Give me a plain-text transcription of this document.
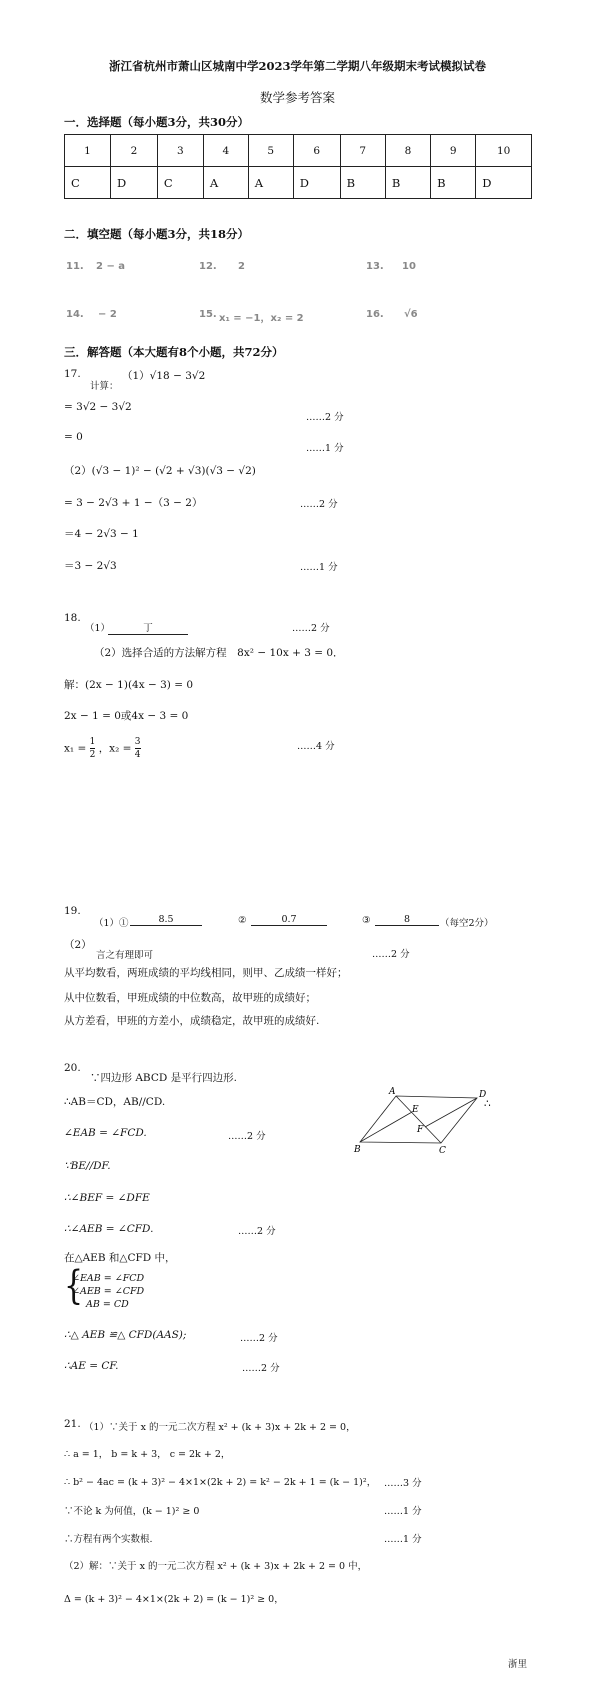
浙江省杭州市萧山区城南中学2023学年第二学期八年级期末考试模拟试卷
数学参考答案
一．选择题（每小题3分，共30分）
1	2	3	4	5	6	7	8	9	10
C	D	C	A	A	D	B	B	B	D
二．填空题（每小题3分，共18分）
11. 2 − a	12. 2	13. 10
14. − 2	15. x₁ = −1，x₂ = 2	16. √6
三．解答题（本大题有8个小题，共72分）
17.
计算：
（1）√18 − 3√2
= 3√2 − 3√2
……2 分
= 0
……1 分
（2）(√3 − 1)² − (√2 + √3)(√3 − √2)
= 3 − 2√3 + 1 −（3 − 2）	……2 分
＝4 − 2√3 − 1
＝3 − 2√3	……1 分
18.
（1）	丁	……2 分
（2）选择合适的方法解方程　8x² − 10x + 3 = 0．
解：(2x − 1)(4x − 3) = 0
2x − 1 = 0或4x − 3 = 0
$x_1 = \frac{1}{2}$ ，$x_2 = \frac{3}{4}$	……4 分
19.
（1）①	8.5	②	0.7	③	8	（每空2分）
（2）
言之有理即可	……2 分
从平均数看，两班成绩的平均线相同，则甲、乙成绩一样好；
从中位数看，甲班成绩的中位数高，故甲班的成绩好；
从方差看，甲班的方差小，成绩稳定，故甲班的成绩好.
20.
∵四边形 ABCD 是平行四边形.
∴AB＝CD，AB//CD.
∠EAB = ∠FCD.	……2 分
∵BE//DF.
∴∠BEF = ∠DFE
∴∠AEB = ∠CFD.	……2 分
在△AEB 和△CFD 中，
{
∠EAB = ∠FCD
∠AEB = ∠CFD
AB = CD
∴△ AEB ≌△ CFD(AAS);	……2 分
∴AE = CF.	……2 分
A	D
B	C
E
F
∴
21. （1）∵关于 x 的一元二次方程 x² + (k + 3)x + 2k + 2 = 0，
∴ a = 1， b = k + 3， c = 2k + 2，
∴ b² − 4ac = (k + 3)² − 4×1×(2k + 2) = k² − 2k + 1 = (k − 1)²， ……3 分
∵不论 k 为何值，(k − 1)² ≥ 0	……1 分
∴方程有两个实数根.	……1 分
（2）解：∵关于 x 的一元二次方程 x² + (k + 3)x + 2k + 2 = 0 中，
Δ = (k + 3)² − 4×1×(2k + 2) = (k − 1)² ≥ 0，
浙里
